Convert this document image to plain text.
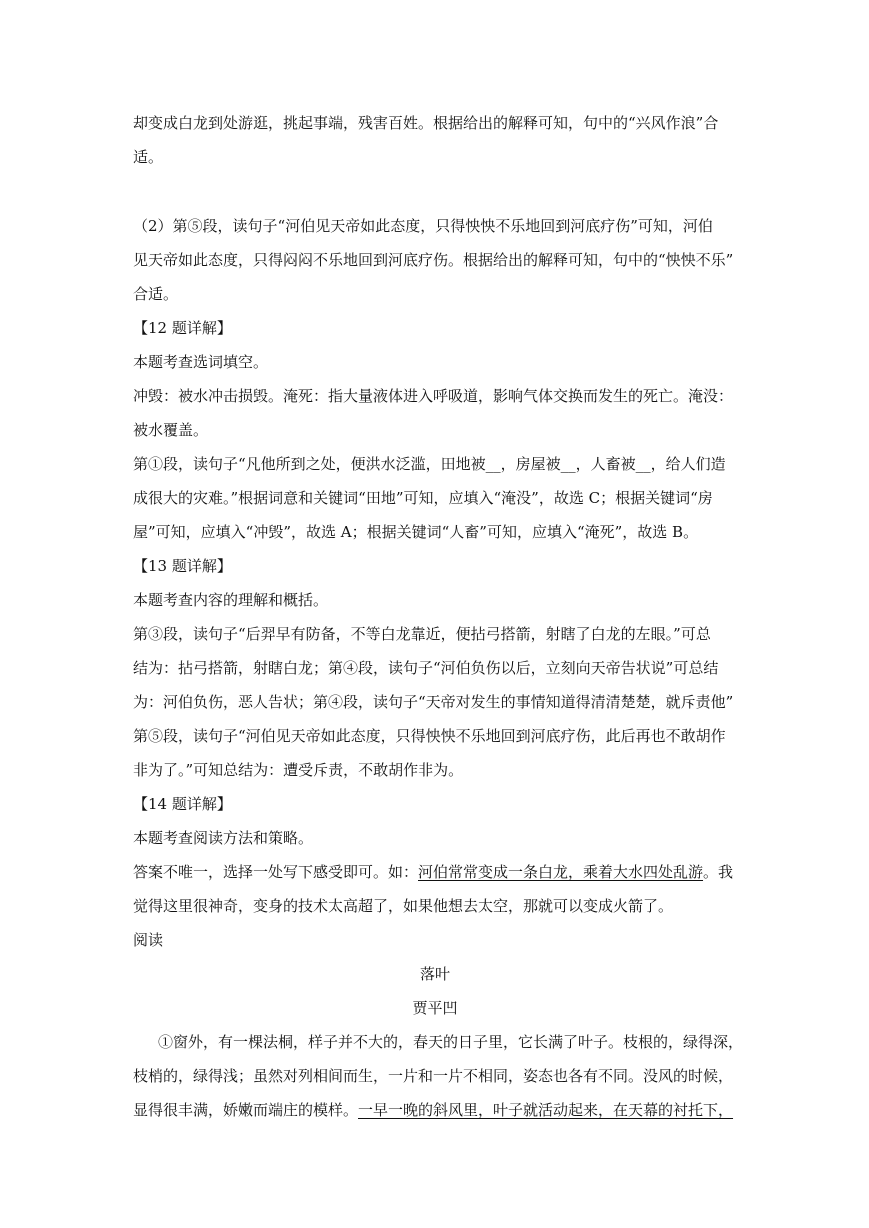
却变成白龙到处游逛，挑起事端，残害百姓。根据给出的解释可知，句中的“兴风作浪”合
适。
（2）第⑤段，读句子“河伯见天帝如此态度，只得怏怏不乐地回到河底疗伤”可知，河伯
见天帝如此态度，只得闷闷不乐地回到河底疗伤。根据给出的解释可知，句中的“怏怏不乐”
合适。
【12 题详解】
本题考查选词填空。
冲毁：被水冲击损毁。淹死：指大量液体进入呼吸道，影响气体交换而发生的死亡。淹没：
被水覆盖。
第①段，读句子“凡他所到之处，便洪水泛滥，田地被__，房屋被__，人畜被__，给人们造
成很大的灾难。”根据词意和关键词“田地”可知，应填入“淹没”，故选 C；根据关键词“房
屋”可知，应填入“冲毁”，故选 A；根据关键词“人畜”可知，应填入“淹死”，故选 B。
【13 题详解】
本题考查内容的理解和概括。
第③段，读句子“后羿早有防备，不等白龙靠近，便拈弓搭箭，射瞎了白龙的左眼。”可总
结为：拈弓搭箭，射瞎白龙；第④段，读句子“河伯负伤以后，立刻向天帝告状说”可总结
为：河伯负伤，恶人告状；第④段，读句子“天帝对发生的事情知道得清清楚楚，就斥责他”
第⑤段，读句子“河伯见天帝如此态度，只得怏怏不乐地回到河底疗伤，此后再也不敢胡作
非为了。”可知总结为：遭受斥责，不敢胡作非为。
【14 题详解】
本题考查阅读方法和策略。
答案不唯一，选择一处写下感受即可。如：河伯常常变成一条白龙，乘着大水四处乱游。我
觉得这里很神奇，变身的技术太高超了，如果他想去太空，那就可以变成火箭了。
阅读
落叶
贾平凹
①窗外，有一棵法桐，样子并不大的，春天的日子里，它长满了叶子。枝根的，绿得深，
枝梢的，绿得浅；虽然对列相间而生，一片和一片不相同，姿态也各有不同。没风的时候，
显得很丰满，娇嫩而端庄的模样。一早一晚的斜风里，叶子就活动起来，在天幕的衬托下，
